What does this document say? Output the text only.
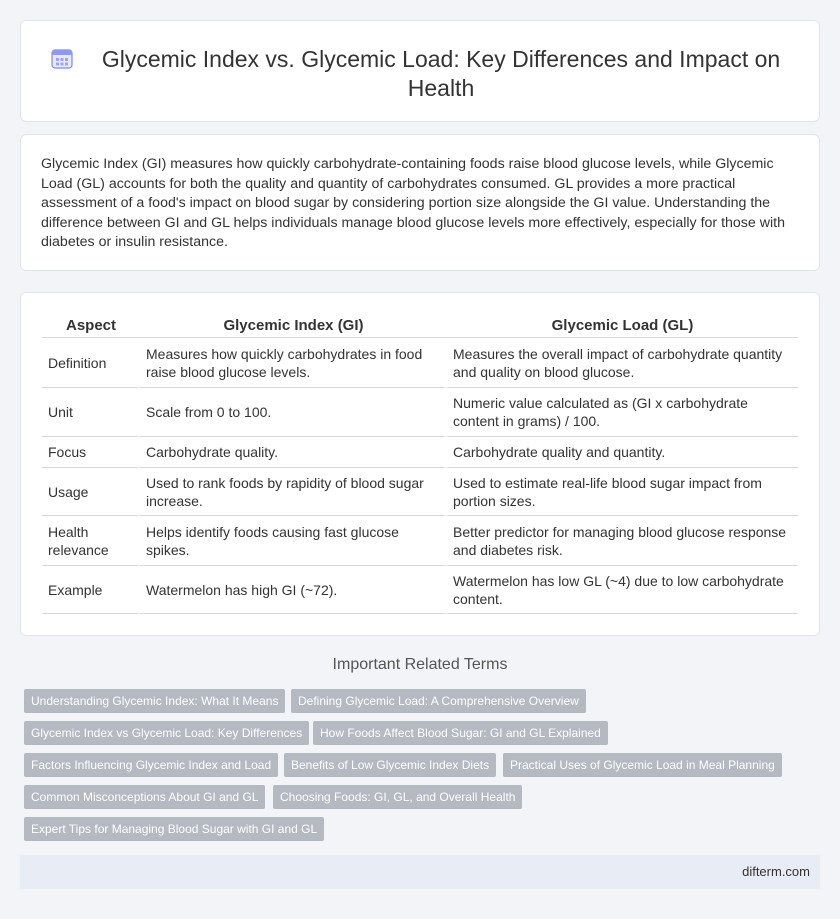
Glycemic Index vs. Glycemic Load: Key Differences and Impact on Health

Glycemic Index (GI) measures how quickly carbohydrate-containing foods raise blood glucose levels, while Glycemic Load (GL) accounts for both the quality and quantity of carbohydrates consumed. GL provides a more practical assessment of a food's impact on blood sugar by considering portion size alongside the GI value. Understanding the difference between GI and GL helps individuals manage blood glucose levels more effectively, especially for those with diabetes or insulin resistance.

Aspect	Glycemic Index (GI)	Glycemic Load (GL)
Definition	Measures how quickly carbohydrates in food raise blood glucose levels.	Measures the overall impact of carbohydrate quantity and quality on blood glucose.
Unit	Scale from 0 to 100.	Numeric value calculated as (GI x carbohydrate content in grams) / 100.
Focus	Carbohydrate quality.	Carbohydrate quality and quantity.
Usage	Used to rank foods by rapidity of blood sugar increase.	Used to estimate real-life blood sugar impact from portion sizes.
Health relevance	Helps identify foods causing fast glucose spikes.	Better predictor for managing blood glucose response and diabetes risk.
Example	Watermelon has high GI (~72).	Watermelon has low GL (~4) due to low carbohydrate content.
Important Related Terms
Understanding Glycemic Index: What It Means	Defining Glycemic Load: A Comprehensive Overview
Glycemic Index vs Glycemic Load: Key Differences	How Foods Affect Blood Sugar: GI and GL Explained
Factors Influencing Glycemic Index and Load	Benefits of Low Glycemic Index Diets	Practical Uses of Glycemic Load in Meal Planning
Common Misconceptions About GI and GL	Choosing Foods: GI, GL, and Overall Health
Expert Tips for Managing Blood Sugar with GI and GL
difterm.com
